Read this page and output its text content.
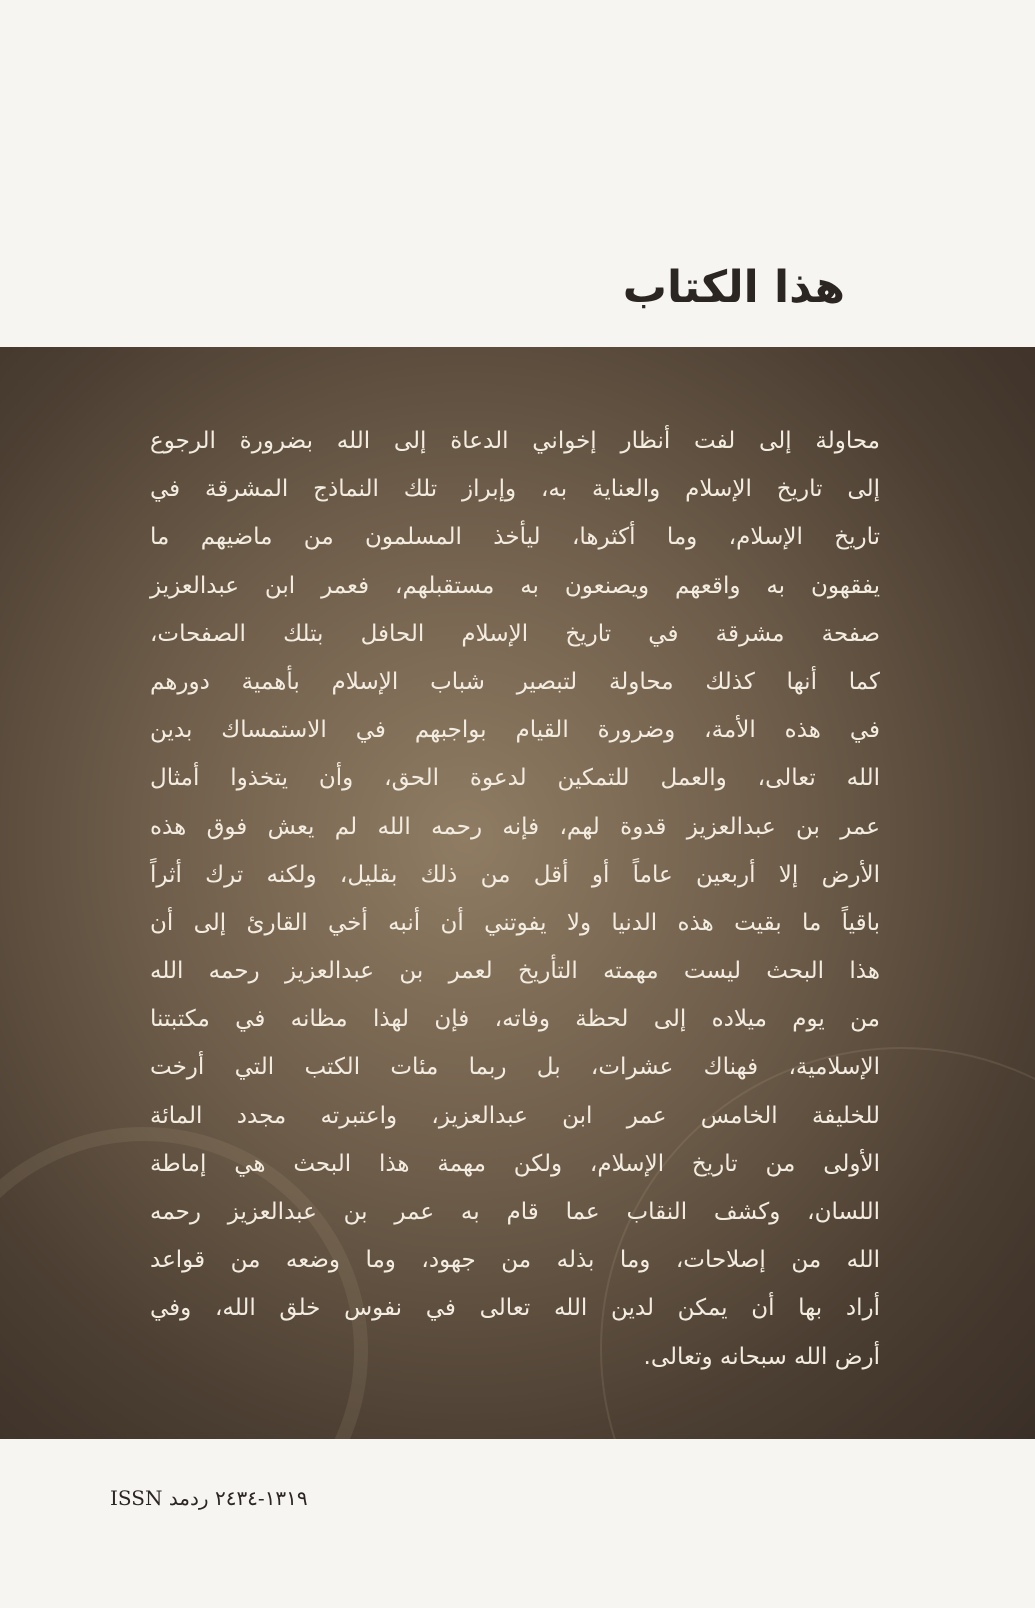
هذا الكتاب
محاولة إلى لفت أنظار إخواني الدعاة إلى الله بضرورة الرجوع
إلى تاريخ الإسلام والعناية به، وإبراز تلك النماذج المشرقة في
تاريخ الإسلام، وما أكثرها، ليأخذ المسلمون من ماضيهم ما
يفقهون به واقعهم ويصنعون به مستقبلهم، فعمر ابن عبدالعزيز
صفحة مشرقة في تاريخ الإسلام الحافل بتلك الصفحات،
كما أنها كذلك محاولة لتبصير شباب الإسلام بأهمية دورهم
في هذه الأمة، وضرورة القيام بواجبهم في الاستمساك بدين
الله تعالى، والعمل للتمكين لدعوة الحق، وأن يتخذوا أمثال
عمر بن عبدالعزيز قدوة لهم، فإنه رحمه الله لم يعش فوق هذه
الأرض إلا أربعين عاماً أو أقل من ذلك بقليل، ولكنه ترك أثراً
باقياً ما بقيت هذه الدنيا ولا يفوتني أن أنبه أخي القارئ إلى أن
هذا البحث ليست مهمته التأريخ لعمر بن عبدالعزيز رحمه الله
من يوم ميلاده إلى لحظة وفاته، فإن لهذا مظانه في مكتبتنا
الإسلامية، فهناك عشرات، بل ربما مئات الكتب التي أرخت
للخليفة الخامس عمر ابن عبدالعزيز، واعتبرته مجدد المائة
الأولى من تاريخ الإسلام، ولكن مهمة هذا البحث هي إماطة
اللسان، وكشف النقاب عما قام به عمر بن عبدالعزيز رحمه
الله من إصلاحات، وما بذله من جهود، وما وضعه من قواعد
أراد بها أن يمكن لدين الله تعالى في نفوس خلق الله، وفي
أرض الله سبحانه وتعالى.
ISSN ١٣١٩-٢٤٣٤ ردمد
